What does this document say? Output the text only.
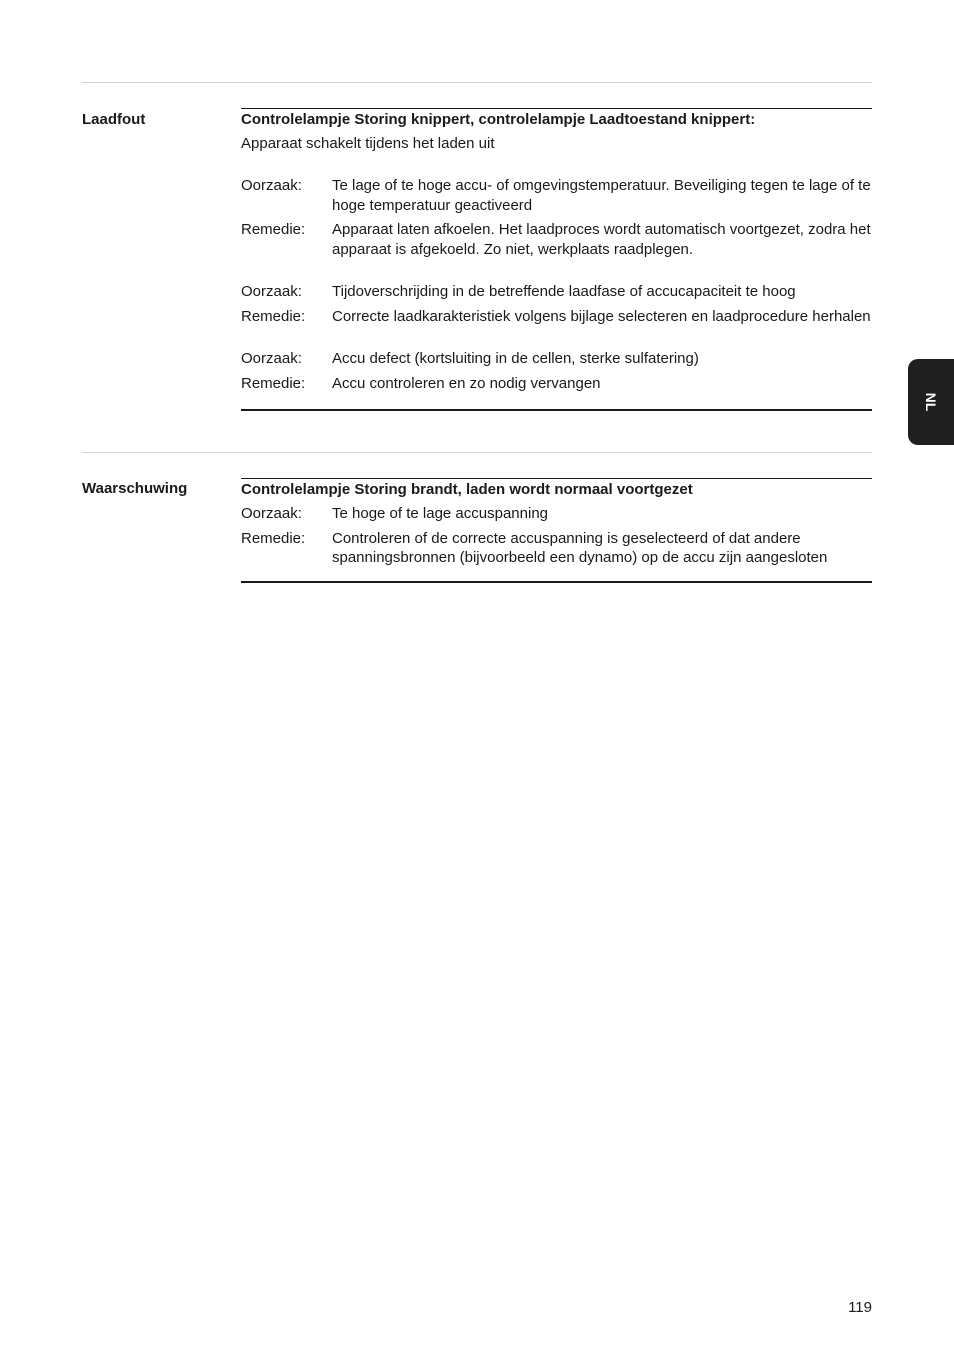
Laadfout	Controlelampje Storing knippert, controlelampje Laadtoestand knippert:
Apparaat schakelt tijdens het laden uit
Oorzaak:	Te lage of te hoge accu- of omgevingstemperatuur. Beveiliging tegen te lage of te hoge temperatuur geactiveerd
Remedie:	Apparaat laten afkoelen. Het laadproces wordt automatisch voortgezet, zodra het apparaat is afgekoeld. Zo niet, werkplaats raadplegen.
Oorzaak:	Tijdoverschrijding in de betreffende laadfase of accucapaciteit te hoog
Remedie:	Correcte laadkarakteristiek volgens bijlage selecteren en laadprocedure herhalen
Oorzaak:	Accu defect (kortsluiting in de cellen, sterke sulfatering)
Remedie:	Accu controleren en zo nodig vervangen
Waarschuwing	Controlelampje Storing brandt, laden wordt normaal voortgezet
Oorzaak:	Te hoge of te lage accuspanning
Remedie:	Controleren of de correcte accuspanning is geselecteerd of dat andere spanningsbronnen (bijvoorbeeld een dynamo) op de accu zijn aangesloten
NL
119
